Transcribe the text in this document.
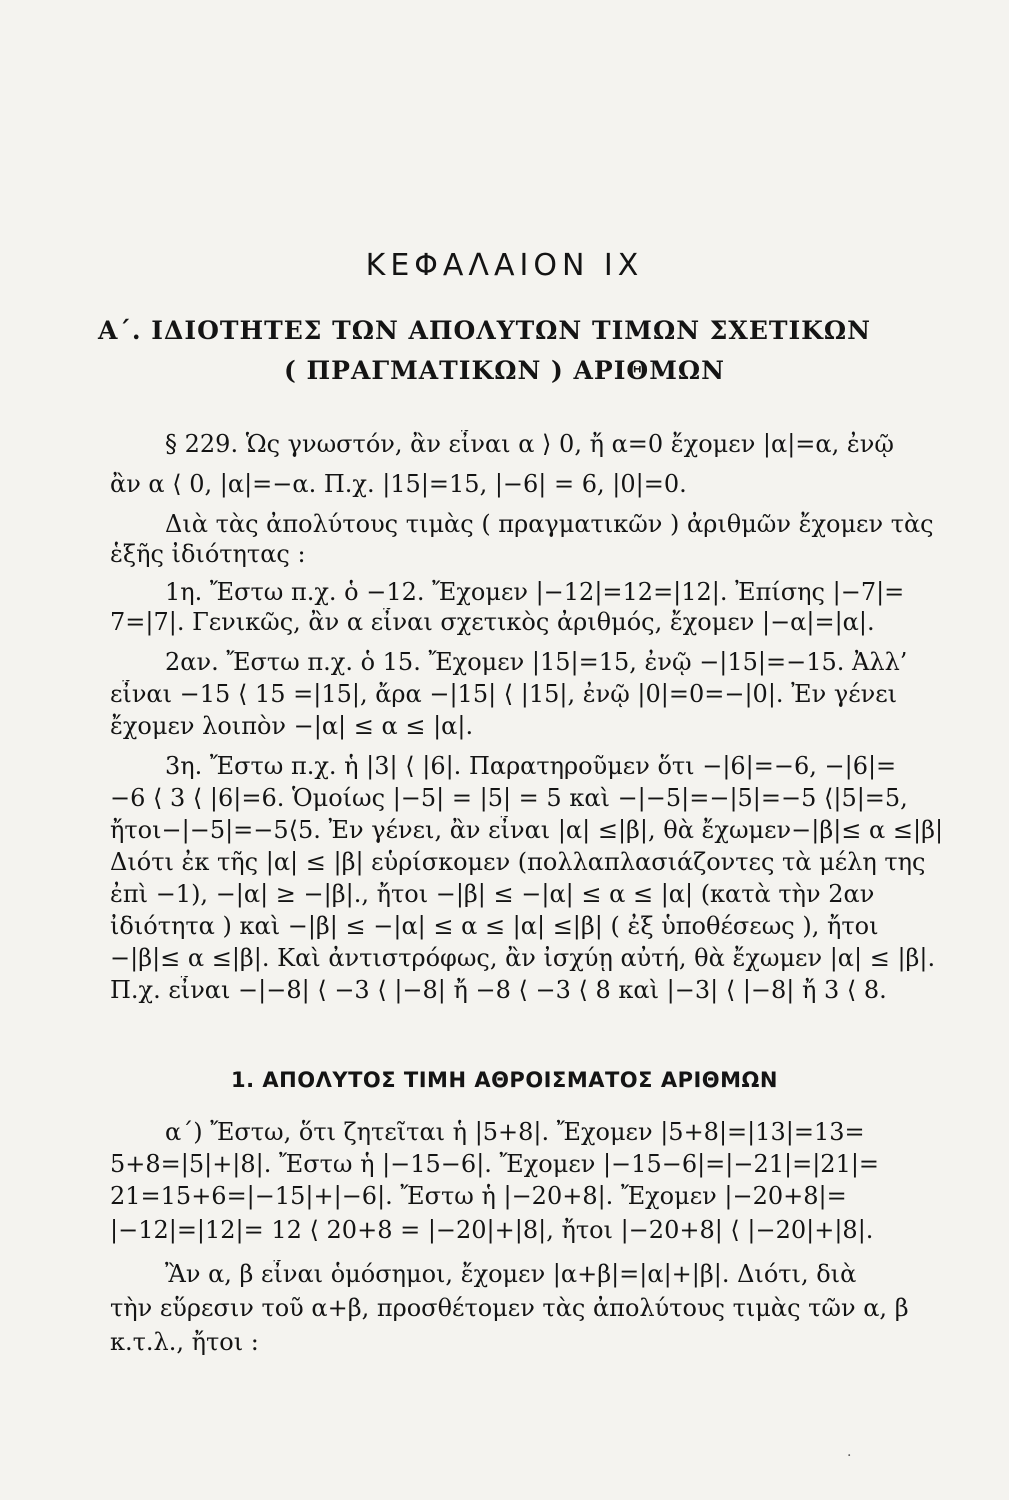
ΚΕΦΑΛΑΙΟΝ IX
Α΄. ΙΔΙΟΤΗΤΕΣ ΤΩΝ ΑΠΟΛΥΤΩΝ ΤΙΜΩΝ ΣΧΕΤΙΚΩΝ
( ΠΡΑΓΜΑΤΙΚΩΝ ) ΑΡΙΘΜΩΝ
§ 229. Ὡς γνωστόν, ἂν εἶναι α ⟩ 0, ἤ α=0 ἔχομεν |α|=α, ἐνῷ
ἂν α ⟨ 0, |α|=−α. Π.χ. |15|=15, |−6| = 6, |0|=0.
Διὰ τὰς ἀπολύτους τιμὰς ( πραγματικῶν ) ἀριθμῶν ἔχομεν τὰς
ἑξῆς ἰδιότητας :
1η. Ἔστω π.χ. ὁ −12. Ἔχομεν |−12|=12=|12|. Ἐπίσης |−7|=
7=|7|. Γενικῶς, ἂν α εἶναι σχετικὸς ἀριθμός, ἔχομεν |−α|=|α|.
2αν. Ἔστω π.χ. ὁ 15. Ἔχομεν |15|=15, ἐνῷ −|15|=−15. Ἀλλ’
εἶναι −15 ⟨ 15 =|15|, ἄρα −|15| ⟨ |15|, ἐνῷ |0|=0=−|0|. Ἐν γένει
ἔχομεν λοιπὸν −|α| ≤ α ≤ |α|.
3η. Ἔστω π.χ. ἡ |3| ⟨ |6|. Παρατηροῦμεν ὅτι −|6|=−6, −|6|=
−6 ⟨ 3 ⟨ |6|=6. Ὁμοίως |−5| = |5| = 5 καὶ −|−5|=−|5|=−5 ⟨|5|=5,
ἤτοι−|−5|=−5⟨5. Ἐν γένει, ἂν εἶναι |α| ≤|β|, θὰ ἔχωμεν−|β|≤ α ≤|β|
Διότι ἐκ τῆς |α| ≤ |β| εὑρίσκομεν (πολλαπλασιάζοντες τὰ μέλη της
ἐπὶ −1), −|α| ≥ −|β|., ἤτοι −|β| ≤ −|α| ≤ α ≤ |α| (κατὰ τὴν 2αν
ἰδιότητα ) καὶ −|β| ≤ −|α| ≤ α ≤ |α| ≤|β| ( ἐξ ὑποθέσεως ), ἤτοι
−|β|≤ α ≤|β|. Καὶ ἀντιστρόφως, ἂν ἰσχύῃ αὐτή, θὰ ἔχωμεν |α| ≤ |β|.
Π.χ. εἶναι −|−8| ⟨ −3 ⟨ |−8| ἤ −8 ⟨ −3 ⟨ 8 καὶ |−3| ⟨ |−8| ἤ 3 ⟨ 8.
1. ΑΠΟΛΥΤΟΣ ΤΙΜΗ ΑΘΡΟΙΣΜΑΤΟΣ ΑΡΙΘΜΩΝ
α΄) Ἔστω, ὅτι ζητεῖται ἡ |5+8|. Ἔχομεν |5+8|=|13|=13=
5+8=|5|+|8|. Ἔστω ἡ |−15−6|. Ἔχομεν |−15−6|=|−21|=|21|=
21=15+6=|−15|+|−6|. Ἔστω ἡ |−20+8|. Ἔχομεν |−20+8|=
|−12|=|12|= 12 ⟨ 20+8 = |−20|+|8|, ἤτοι |−20+8| ⟨ |−20|+|8|.
Ἂν α, β εἶναι ὁμόσημοι, ἔχομεν |α+β|=|α|+|β|. Διότι, διὰ
τὴν εὕρεσιν τοῦ α+β, προσθέτομεν τὰς ἀπολύτους τιμὰς τῶν α, β
κ.τ.λ., ἤτοι :
·
